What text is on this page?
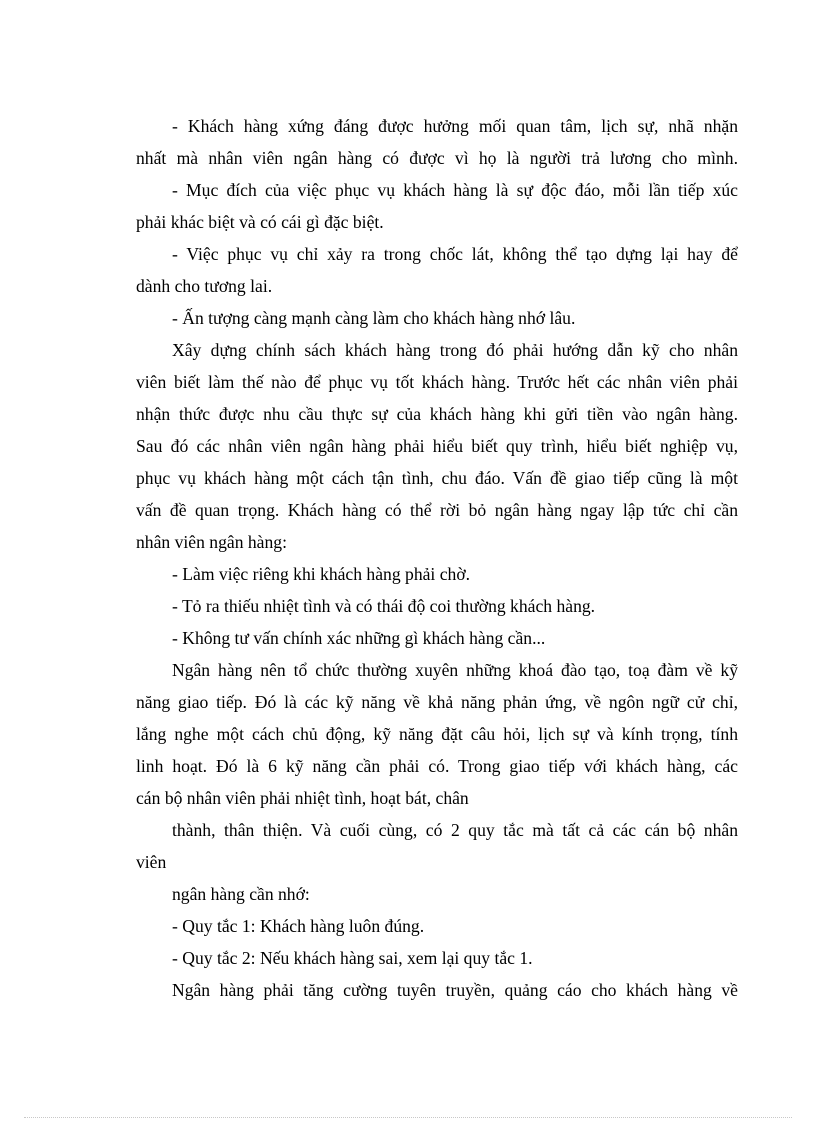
- Khách hàng xứng đáng được hưởng mối quan tâm, lịch sự, nhã nhặn
nhất mà nhân viên ngân hàng có được vì họ là người trả lương cho mình.
- Mục đích của việc phục vụ khách hàng là sự độc đáo, mỗi lần tiếp xúc
phải khác biệt và có cái gì đặc biệt.
- Việc phục vụ chỉ xảy ra trong chốc lát, không thể tạo dựng lại hay để
dành cho tương lai.
- Ấn tượng càng mạnh càng làm cho khách hàng nhớ lâu.
Xây dựng chính sách khách hàng trong đó phải hướng dẫn kỹ cho nhân
viên biết làm thế nào để phục vụ tốt khách hàng. Trước hết các nhân viên phải
nhận thức được nhu cầu thực sự của khách hàng khi gửi tiền vào ngân hàng.
Sau đó các nhân viên ngân hàng phải hiểu biết quy trình, hiểu biết nghiệp vụ,
phục vụ khách hàng một cách tận tình, chu đáo. Vấn đề giao tiếp cũng là một
vấn đề quan trọng. Khách hàng có thể rời bỏ ngân hàng ngay lập tức chỉ cần
nhân viên ngân hàng:
- Làm việc riêng khi khách hàng phải chờ.
- Tỏ ra thiếu nhiệt tình và có thái độ coi thường khách hàng.
- Không tư vấn chính xác những gì khách hàng cần...
Ngân hàng nên tổ chức thường xuyên những khoá đào tạo, toạ đàm về kỹ
năng giao tiếp. Đó là các kỹ năng về khả năng phản ứng, về ngôn ngữ cử chỉ,
lắng nghe một cách chủ động, kỹ năng đặt câu hỏi, lịch sự và kính trọng, tính
linh hoạt. Đó là 6 kỹ năng cần phải có. Trong giao tiếp với khách hàng, các
cán bộ nhân viên phải nhiệt tình, hoạt bát, chân
thành, thân thiện. Và cuối cùng, có 2 quy tắc mà tất cả các cán bộ nhân
viên
ngân hàng cần nhớ:
- Quy tắc 1: Khách hàng luôn đúng.
- Quy tắc 2: Nếu khách hàng sai, xem lại quy tắc 1.
Ngân hàng phải tăng cường tuyên truyền, quảng cáo cho khách hàng về
